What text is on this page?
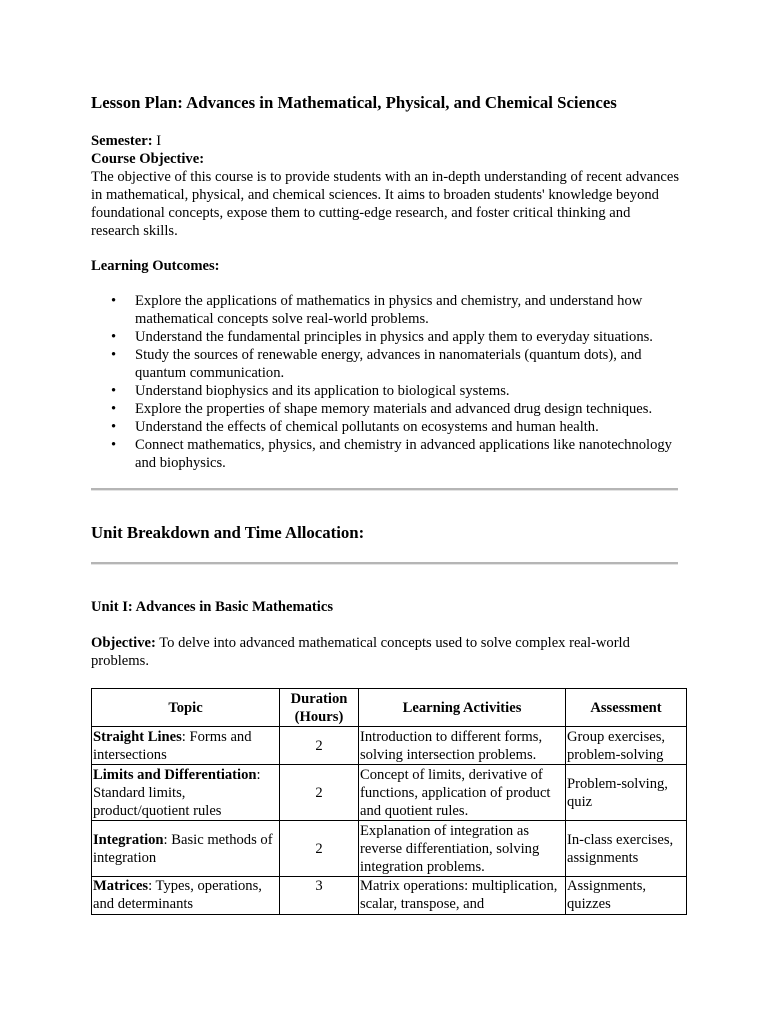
Lesson Plan: Advances in Mathematical, Physical, and Chemical Sciences

Semester: I

Course Objective:

The objective of this course is to provide students with an in-depth understanding of recent advances in mathematical, physical, and chemical sciences. It aims to broaden students' knowledge beyond foundational concepts, expose them to cutting-edge research, and foster critical thinking and research skills.

Learning Outcomes:

• Explore the applications of mathematics in physics and chemistry, and understand how mathematical concepts solve real-world problems.
• Understand the fundamental principles in physics and apply them to everyday situations.
• Study the sources of renewable energy, advances in nanomaterials (quantum dots), and quantum communication.
• Understand biophysics and its application to biological systems.
• Explore the properties of shape memory materials and advanced drug design techniques.
• Understand the effects of chemical pollutants on ecosystems and human health.
• Connect mathematics, physics, and chemistry in advanced applications like nanotechnology and biophysics.
Unit Breakdown and Time Allocation:
Unit I: Advances in Basic Mathematics

Objective: To delve into advanced mathematical concepts used to solve complex real-world problems.

Topic	Duration (Hours)	Learning Activities	Assessment
Straight Lines: Forms and intersections	2	Introduction to different forms, solving intersection problems.	Group exercises, problem-solving
Limits and Differentiation: Standard limits, product/quotient rules	2	Concept of limits, derivative of functions, application of product and quotient rules.	Problem-solving, quiz
Integration: Basic methods of integration	2	Explanation of integration as reverse differentiation, solving integration problems.	In-class exercises, assignments
Matrices: Types, operations, and determinants	3	Matrix operations: multiplication, scalar, transpose, and	Assignments, quizzes
